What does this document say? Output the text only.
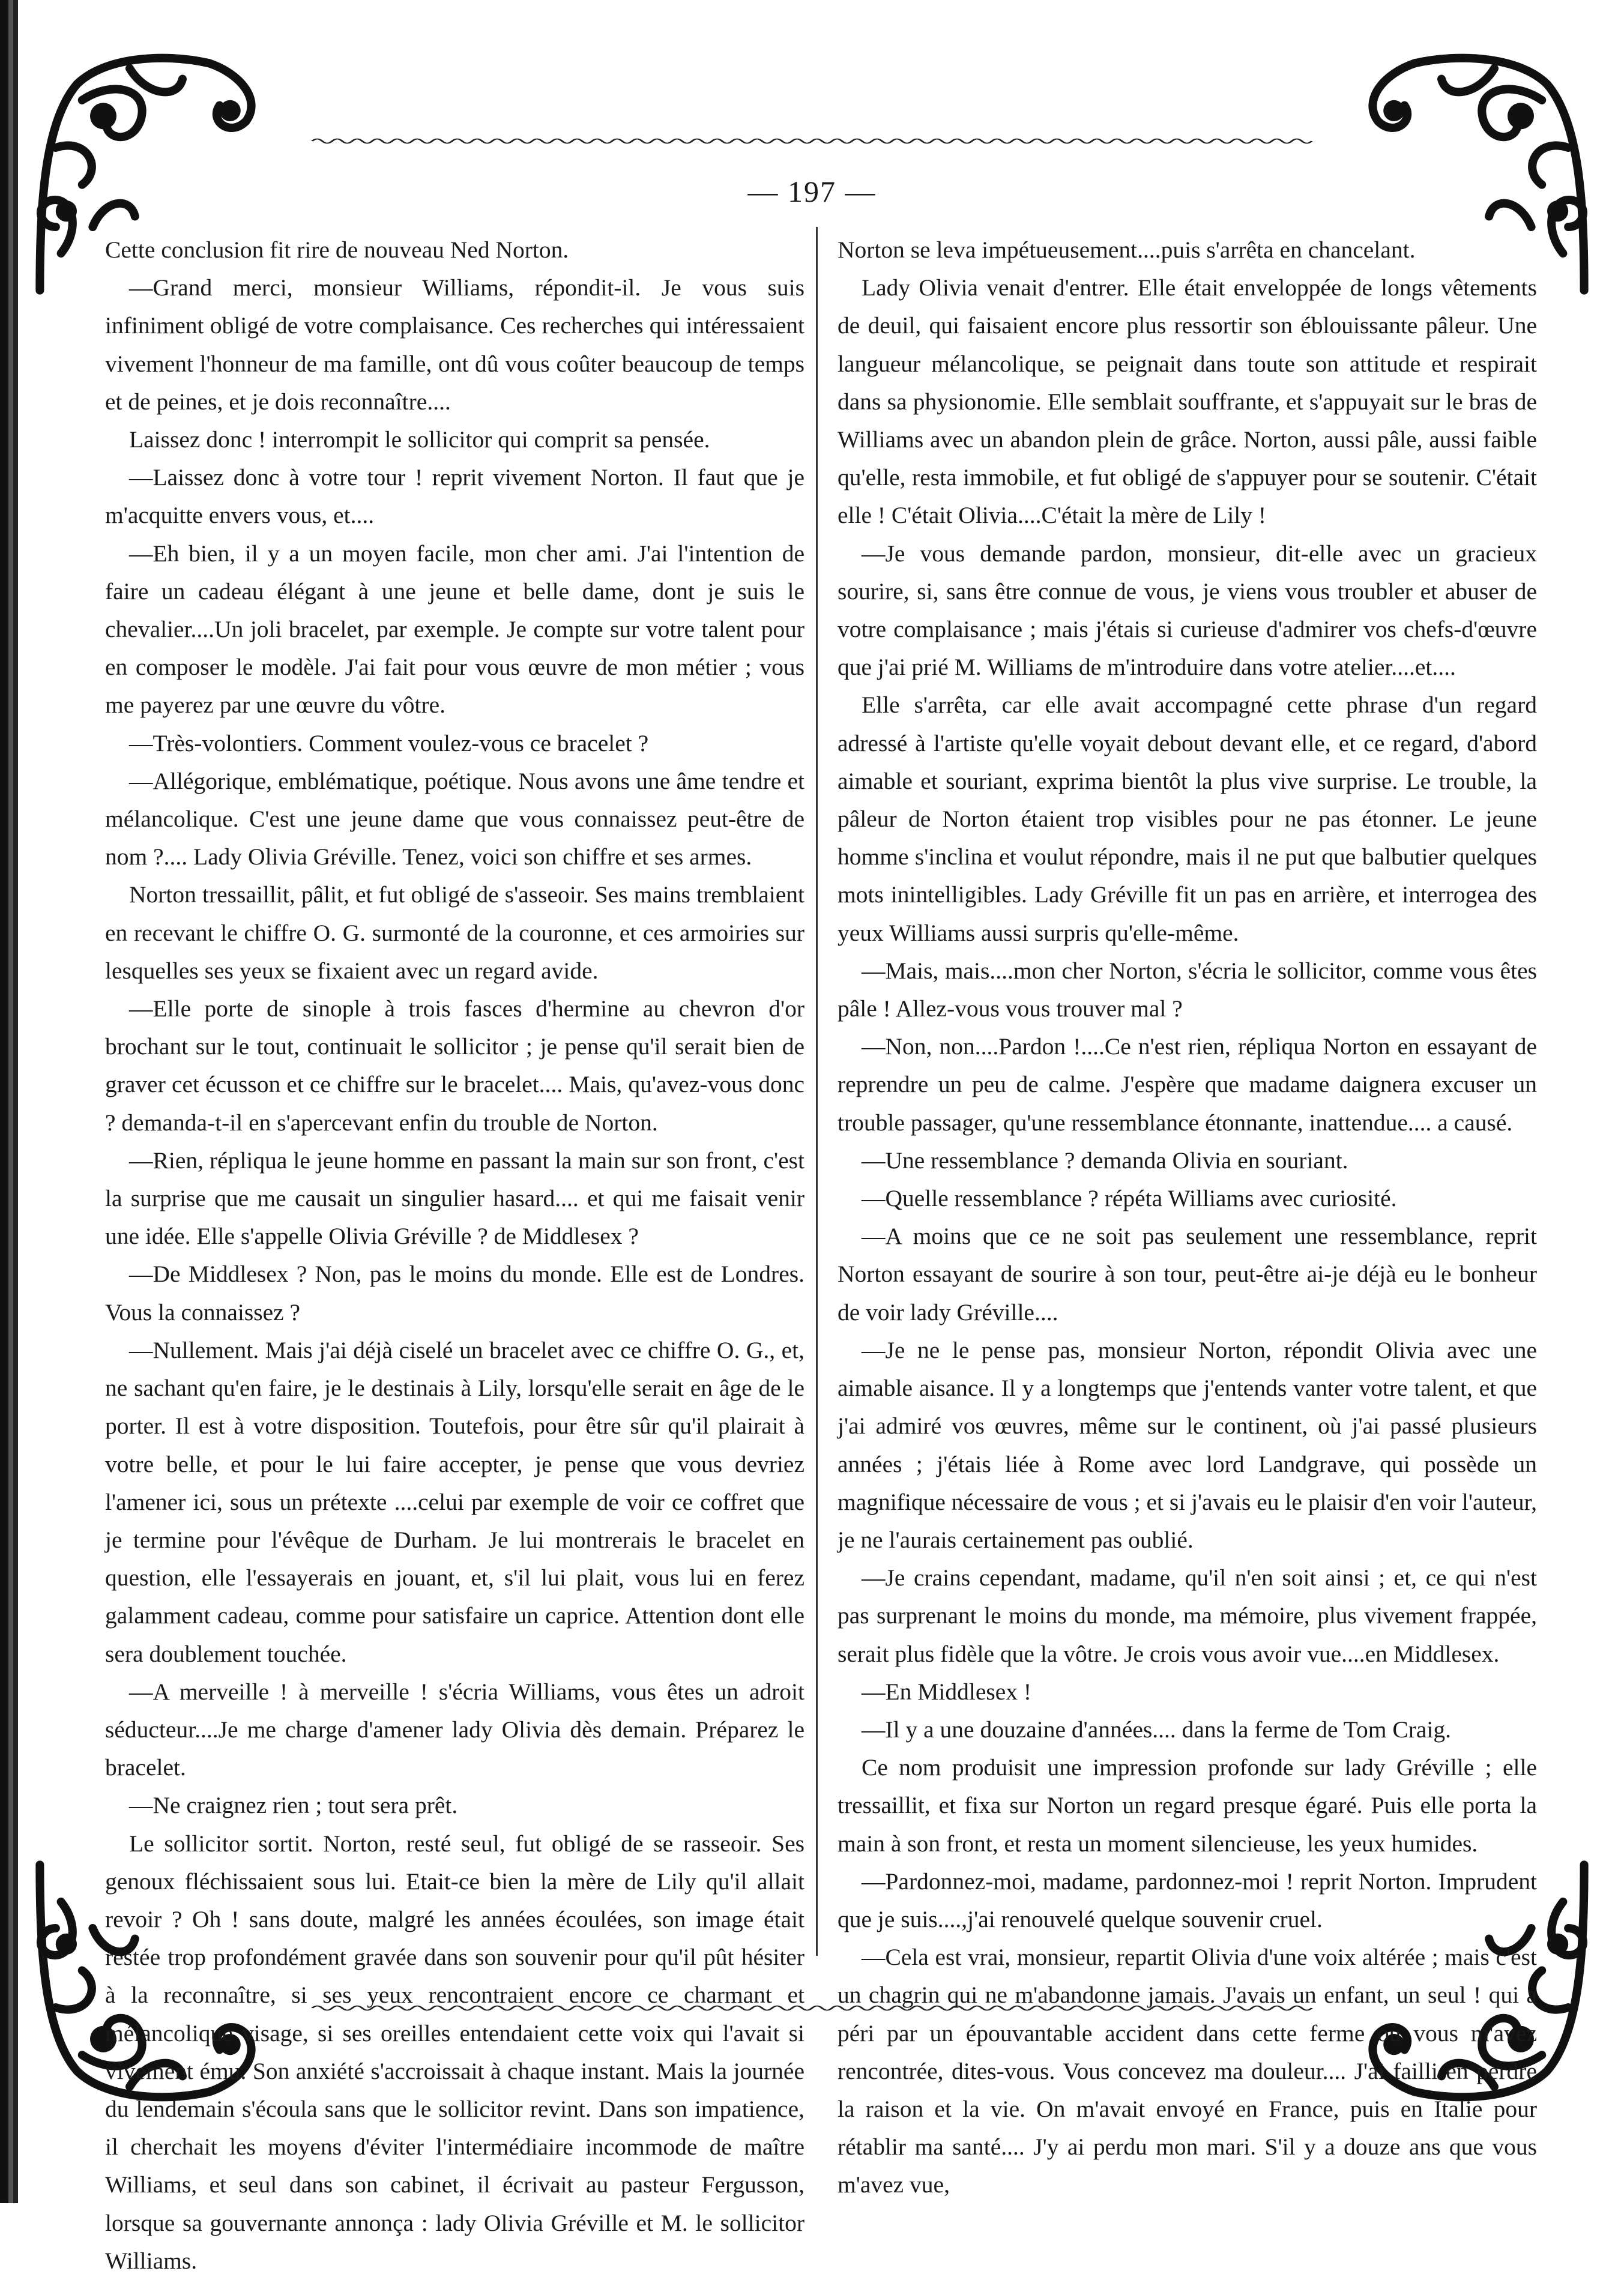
— 197 —

Cette conclusion fit rire de nouveau Ned Norton.

—Grand merci, monsieur Williams, répondit-il. Je vous suis infiniment obligé de votre complaisance. Ces recherches qui intéressaient vivement l'honneur de ma famille, ont dû vous coûter beaucoup de temps et de peines, et je dois reconnaître....

Laissez donc ! interrompit le sollicitor qui comprit sa pensée.

—Laissez donc à votre tour ! reprit vivement Norton. Il faut que je m'acquitte envers vous, et....

—Eh bien, il y a un moyen facile, mon cher ami. J'ai l'intention de faire un cadeau élégant à une jeune et belle dame, dont je suis le chevalier....Un joli bracelet, par exemple. Je compte sur votre talent pour en composer le modèle. J'ai fait pour vous œuvre de mon métier ; vous me payerez par une œuvre du vôtre.

—Très-volontiers. Comment voulez-vous ce bracelet ?

—Allégorique, emblématique, poétique. Nous avons une âme tendre et mélancolique. C'est une jeune dame que vous connaissez peut-être de nom ?.... Lady Olivia Gréville. Tenez, voici son chiffre et ses armes.

Norton tressaillit, pâlit, et fut obligé de s'asseoir. Ses mains tremblaient en recevant le chiffre O. G. surmonté de la couronne, et ces armoiries sur lesquelles ses yeux se fixaient avec un regard avide.

—Elle porte de sinople à trois fasces d'hermine au chevron d'or brochant sur le tout, continuait le sollicitor ; je pense qu'il serait bien de graver cet écusson et ce chiffre sur le bracelet.... Mais, qu'avez-vous donc ? demanda-t-il en s'apercevant enfin du trouble de Norton.

—Rien, répliqua le jeune homme en passant la main sur son front, c'est la surprise que me causait un singulier hasard.... et qui me faisait venir une idée. Elle s'appelle Olivia Gréville ? de Middlesex ?

—De Middlesex ? Non, pas le moins du monde. Elle est de Londres. Vous la connaissez ?

—Nullement. Mais j'ai déjà ciselé un bracelet avec ce chiffre O. G., et, ne sachant qu'en faire, je le destinais à Lily, lorsqu'elle serait en âge de le porter. Il est à votre disposition. Toutefois, pour être sûr qu'il plairait à votre belle, et pour le lui faire accepter, je pense que vous devriez l'amener ici, sous un prétexte ....celui par exemple de voir ce coffret que je termine pour l'évêque de Durham. Je lui montrerais le bracelet en question, elle l'essayerais en jouant, et, s'il lui plait, vous lui en ferez galamment cadeau, comme pour satisfaire un caprice. Attention dont elle sera doublement touchée.

—A merveille ! à merveille ! s'écria Williams, vous êtes un adroit séducteur....Je me charge d'amener lady Olivia dès demain. Préparez le bracelet.

—Ne craignez rien ; tout sera prêt.

Le sollicitor sortit. Norton, resté seul, fut obligé de se rasseoir. Ses genoux fléchissaient sous lui. Etait-ce bien la mère de Lily qu'il allait revoir ? Oh ! sans doute, malgré les années écoulées, son image était restée trop profondément gravée dans son souvenir pour qu'il pût hésiter à la reconnaître, si ses yeux rencontraient encore ce charmant et mélancolique visage, si ses oreilles entendaient cette voix qui l'avait si vivement ému. Son anxiété s'accroissait à chaque instant. Mais la journée du lendemain s'écoula sans que le sollicitor revint. Dans son impatience, il cherchait les moyens d'éviter l'intermédiaire incommode de maître Williams, et seul dans son cabinet, il écrivait au pasteur Fergusson, lorsque sa gouvernante annonça : lady Olivia Gréville et M. le sollicitor Williams.

Norton se leva impétueusement....puis s'arrêta en chancelant.

Lady Olivia venait d'entrer. Elle était enveloppée de longs vêtements de deuil, qui faisaient encore plus ressortir son éblouissante pâleur. Une langueur mélancolique, se peignait dans toute son attitude et respirait dans sa physionomie. Elle semblait souffrante, et s'appuyait sur le bras de Williams avec un abandon plein de grâce. Norton, aussi pâle, aussi faible qu'elle, resta immobile, et fut obligé de s'appuyer pour se soutenir. C'était elle ! C'était Olivia....C'était la mère de Lily !

—Je vous demande pardon, monsieur, dit-elle avec un gracieux sourire, si, sans être connue de vous, je viens vous troubler et abuser de votre complaisance ; mais j'étais si curieuse d'admirer vos chefs-d'œuvre que j'ai prié M. Williams de m'introduire dans votre atelier....et....

Elle s'arrêta, car elle avait accompagné cette phrase d'un regard adressé à l'artiste qu'elle voyait debout devant elle, et ce regard, d'abord aimable et souriant, exprima bientôt la plus vive surprise. Le trouble, la pâleur de Norton étaient trop visibles pour ne pas étonner. Le jeune homme s'inclina et voulut répondre, mais il ne put que balbutier quelques mots inintelligibles. Lady Gréville fit un pas en arrière, et interrogea des yeux Williams aussi surpris qu'elle-même.

—Mais, mais....mon cher Norton, s'écria le sollicitor, comme vous êtes pâle ! Allez-vous vous trouver mal ?

—Non, non....Pardon !....Ce n'est rien, répliqua Norton en essayant de reprendre un peu de calme. J'espère que madame daignera excuser un trouble passager, qu'une ressemblance étonnante, inattendue.... a causé.

—Une ressemblance ? demanda Olivia en souriant.

—Quelle ressemblance ? répéta Williams avec curiosité.

—A moins que ce ne soit pas seulement une ressemblance, reprit Norton essayant de sourire à son tour, peut-être ai-je déjà eu le bonheur de voir lady Gréville....

—Je ne le pense pas, monsieur Norton, répondit Olivia avec une aimable aisance. Il y a longtemps que j'entends vanter votre talent, et que j'ai admiré vos œuvres, même sur le continent, où j'ai passé plusieurs années ; j'étais liée à Rome avec lord Landgrave, qui possède un magnifique nécessaire de vous ; et si j'avais eu le plaisir d'en voir l'auteur, je ne l'aurais certainement pas oublié.

—Je crains cependant, madame, qu'il n'en soit ainsi ; et, ce qui n'est pas surprenant le moins du monde, ma mémoire, plus vivement frappée, serait plus fidèle que la vôtre. Je crois vous avoir vue....en Middlesex.

—En Middlesex !

—Il y a une douzaine d'années.... dans la ferme de Tom Craig.

Ce nom produisit une impression profonde sur lady Gréville ; elle tressaillit, et fixa sur Norton un regard presque égaré. Puis elle porta la main à son front, et resta un moment silencieuse, les yeux humides.

—Pardonnez-moi, madame, pardonnez-moi ! reprit Norton. Imprudent que je suis....,j'ai renouvelé quelque souvenir cruel.

—Cela est vrai, monsieur, repartit Olivia d'une voix altérée ; mais c'est un chagrin qui ne m'abandonne jamais. J'avais un enfant, un seul ! qui a péri par un épouvantable accident dans cette ferme où vous m'avez rencontrée, dites-vous. Vous concevez ma douleur.... J'ai failli en perdre la raison et la vie. On m'avait envoyé en France, puis en Italie pour rétablir ma santé.... J'y ai perdu mon mari. S'il y a douze ans que vous m'avez vue,
